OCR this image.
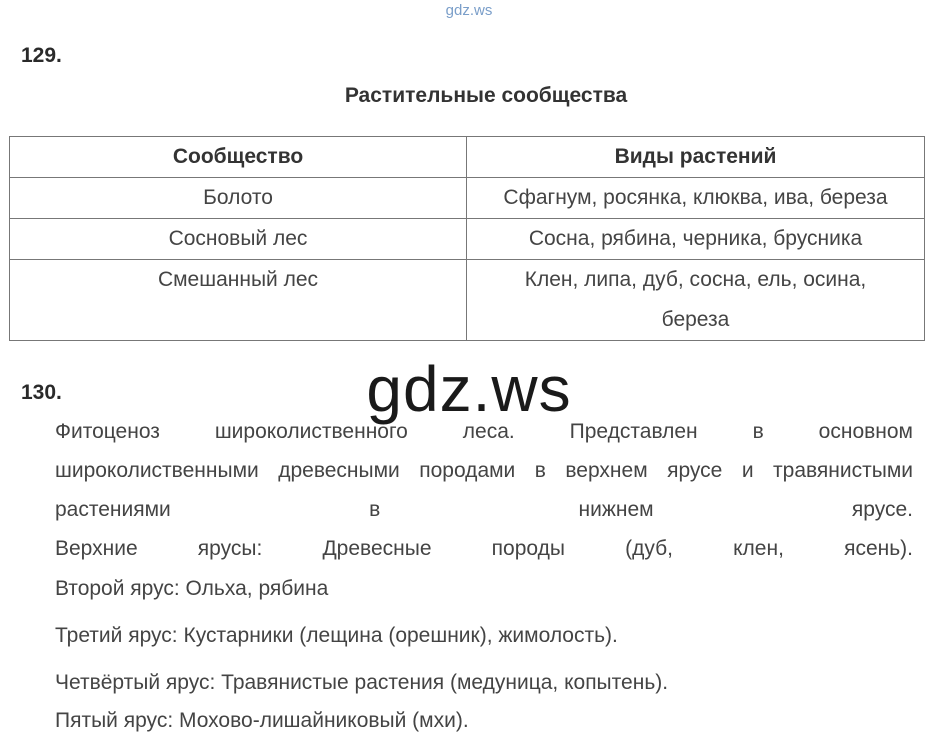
gdz.ws
129.
Растительные сообщества
Сообщество	Виды растений
Болото	Сфагнум, росянка, клюква, ива, береза
Сосновый лес	Сосна, рябина, черника, брусника
Смешанный лес	Клен, липа, дуб, сосна, ель, осина, береза
130.	gdz.ws
Фитоценоз широколиственного леса. Представлен в основном
широколиственными древесными породами в верхнем ярусе и травянистыми
растениями в нижнем ярусе.
Верхние ярусы: Древесные породы (дуб, клен, ясень).
Второй ярус: Ольха, рябина
Третий ярус: Кустарники (лещина (орешник), жимолость).
Четвёртый ярус: Травянистые растения (медуница, копытень).
Пятый ярус: Мохово-лишайниковый (мхи).
